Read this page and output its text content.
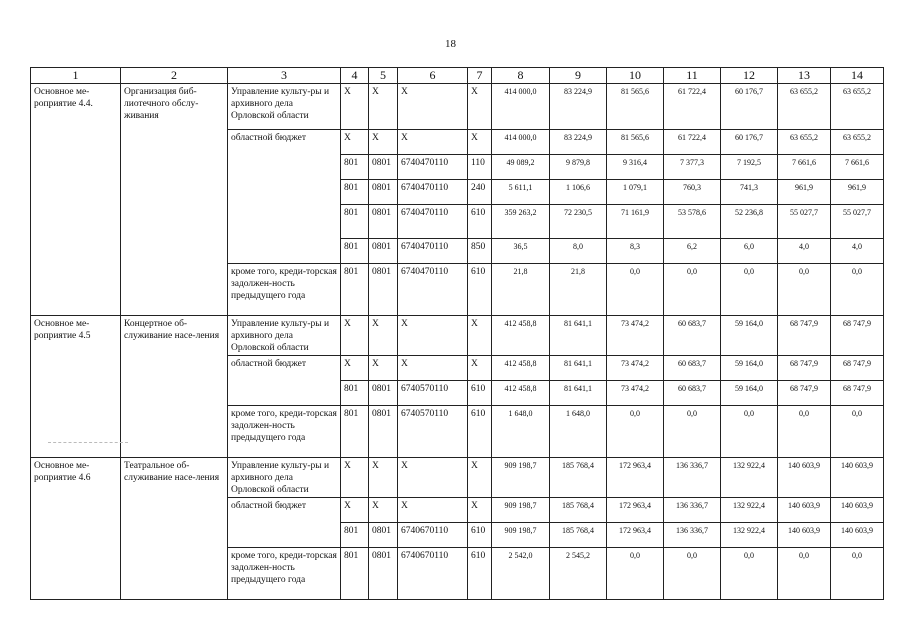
18
1	2	3	4	5	6	7	8	9	10	11	12	13	14
Основное ме-роприятие 4.4.	Организация биб-лиотечного обслу-живания	Управление культу-ры и архивного дела Орловской области	X	X	X	X	414 000,0	83 224,9	81 565,6	61 722,4	60 176,7	63 655,2	63 655,2
		областной бюджет	X	X	X	X	414 000,0	83 224,9	81 565,6	61 722,4	60 176,7	63 655,2	63 655,2
			801	0801	6740470110	110	49 089,2	9 879,8	9 316,4	7 377,3	7 192,5	7 661,6	7 661,6
			801	0801	6740470110	240	5 611,1	1 106,6	1 079,1	760,3	741,3	961,9	961,9
			801	0801	6740470110	610	359 263,2	72 230,5	71 161,9	53 578,6	52 236,8	55 027,7	55 027,7
			801	0801	6740470110	850	36,5	8,0	8,3	6,2	6,0	4,0	4,0
		кроме того, креди-торская задолжен-ность предыдущего года	801	0801	6740470110	610	21,8	21,8	0,0	0,0	0,0	0,0	0,0
Основное ме-роприятие 4.5	Концертное об-служивание насе-ления	Управление культу-ры и архивного дела Орловской области	X	X	X	X	412 458,8	81 641,1	73 474,2	60 683,7	59 164,0	68 747,9	68 747,9
		областной бюджет	X	X	X	X	412 458,8	81 641,1	73 474,2	60 683,7	59 164,0	68 747,9	68 747,9
			801	0801	6740570110	610	412 458,8	81 641,1	73 474,2	60 683,7	59 164,0	68 747,9	68 747,9
		кроме того, креди-торская задолжен-ность предыдущего года	801	0801	6740570110	610	1 648,0	1 648,0	0,0	0,0	0,0	0,0	0,0
Основное ме-роприятие 4.6	Театральное об-служивание насе-ления	Управление культу-ры и архивного дела Орловской области	X	X	X	X	909 198,7	185 768,4	172 963,4	136 336,7	132 922,4	140 603,9	140 603,9
		областной бюджет	X	X	X	X	909 198,7	185 768,4	172 963,4	136 336,7	132 922,4	140 603,9	140 603,9
			801	0801	6740670110	610	909 198,7	185 768,4	172 963,4	136 336,7	132 922,4	140 603,9	140 603,9
		кроме того, креди-торская задолжен-ность предыдущего года	801	0801	6740670110	610	2 542,0	2 545,2	0,0	0,0	0,0	0,0	0,0
